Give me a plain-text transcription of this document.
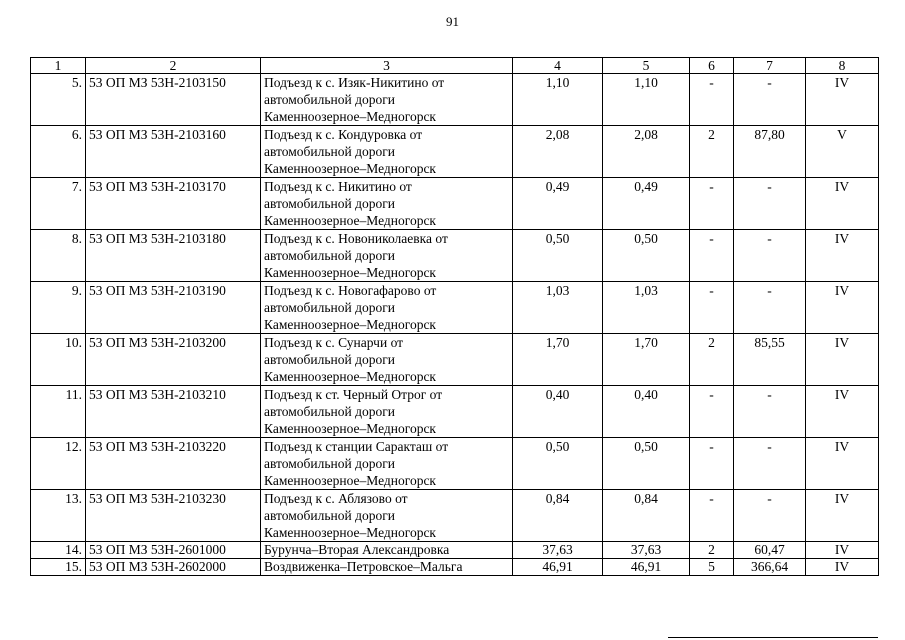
91
1	2	3	4	5	6	7	8
5.	53 ОП МЗ 53Н-2103150	Подъезд к с. Изяк-Никитино от
автомобильной дороги
Каменноозерное–Медногорск	1,10	1,10	-	-	IV
6.	53 ОП МЗ 53Н-2103160	Подъезд к с. Кондуровка от
автомобильной дороги
Каменноозерное–Медногорск	2,08	2,08	2	87,80	V
7.	53 ОП МЗ 53Н-2103170	Подъезд к с. Никитино от
автомобильной дороги
Каменноозерное–Медногорск	0,49	0,49	-	-	IV
8.	53 ОП МЗ 53Н-2103180	Подъезд к с. Новониколаевка от
автомобильной дороги
Каменноозерное–Медногорск	0,50	0,50	-	-	IV
9.	53 ОП МЗ 53Н-2103190	Подъезд к с. Новогафарово от
автомобильной дороги
Каменноозерное–Медногорск	1,03	1,03	-	-	IV
10.	53 ОП МЗ 53Н-2103200	Подъезд к с. Сунарчи от
автомобильной дороги
Каменноозерное–Медногорск	1,70	1,70	2	85,55	IV
11.	53 ОП МЗ 53Н-2103210	Подъезд к ст. Черный Отрог от
автомобильной дороги
Каменноозерное–Медногорск	0,40	0,40	-	-	IV
12.	53 ОП МЗ 53Н-2103220	Подъезд к станции Саракташ от
автомобильной дороги
Каменноозерное–Медногорск	0,50	0,50	-	-	IV
13.	53 ОП МЗ 53Н-2103230	Подъезд к с. Аблязово от
автомобильной дороги
Каменноозерное–Медногорск	0,84	0,84	-	-	IV
14.	53 ОП МЗ 53Н-2601000	Бурунча–Вторая Александровка	37,63	37,63	2	60,47	IV
15.	53 ОП МЗ 53Н-2602000	Воздвиженка–Петровское–Мальга	46,91	46,91	5	366,64	IV
